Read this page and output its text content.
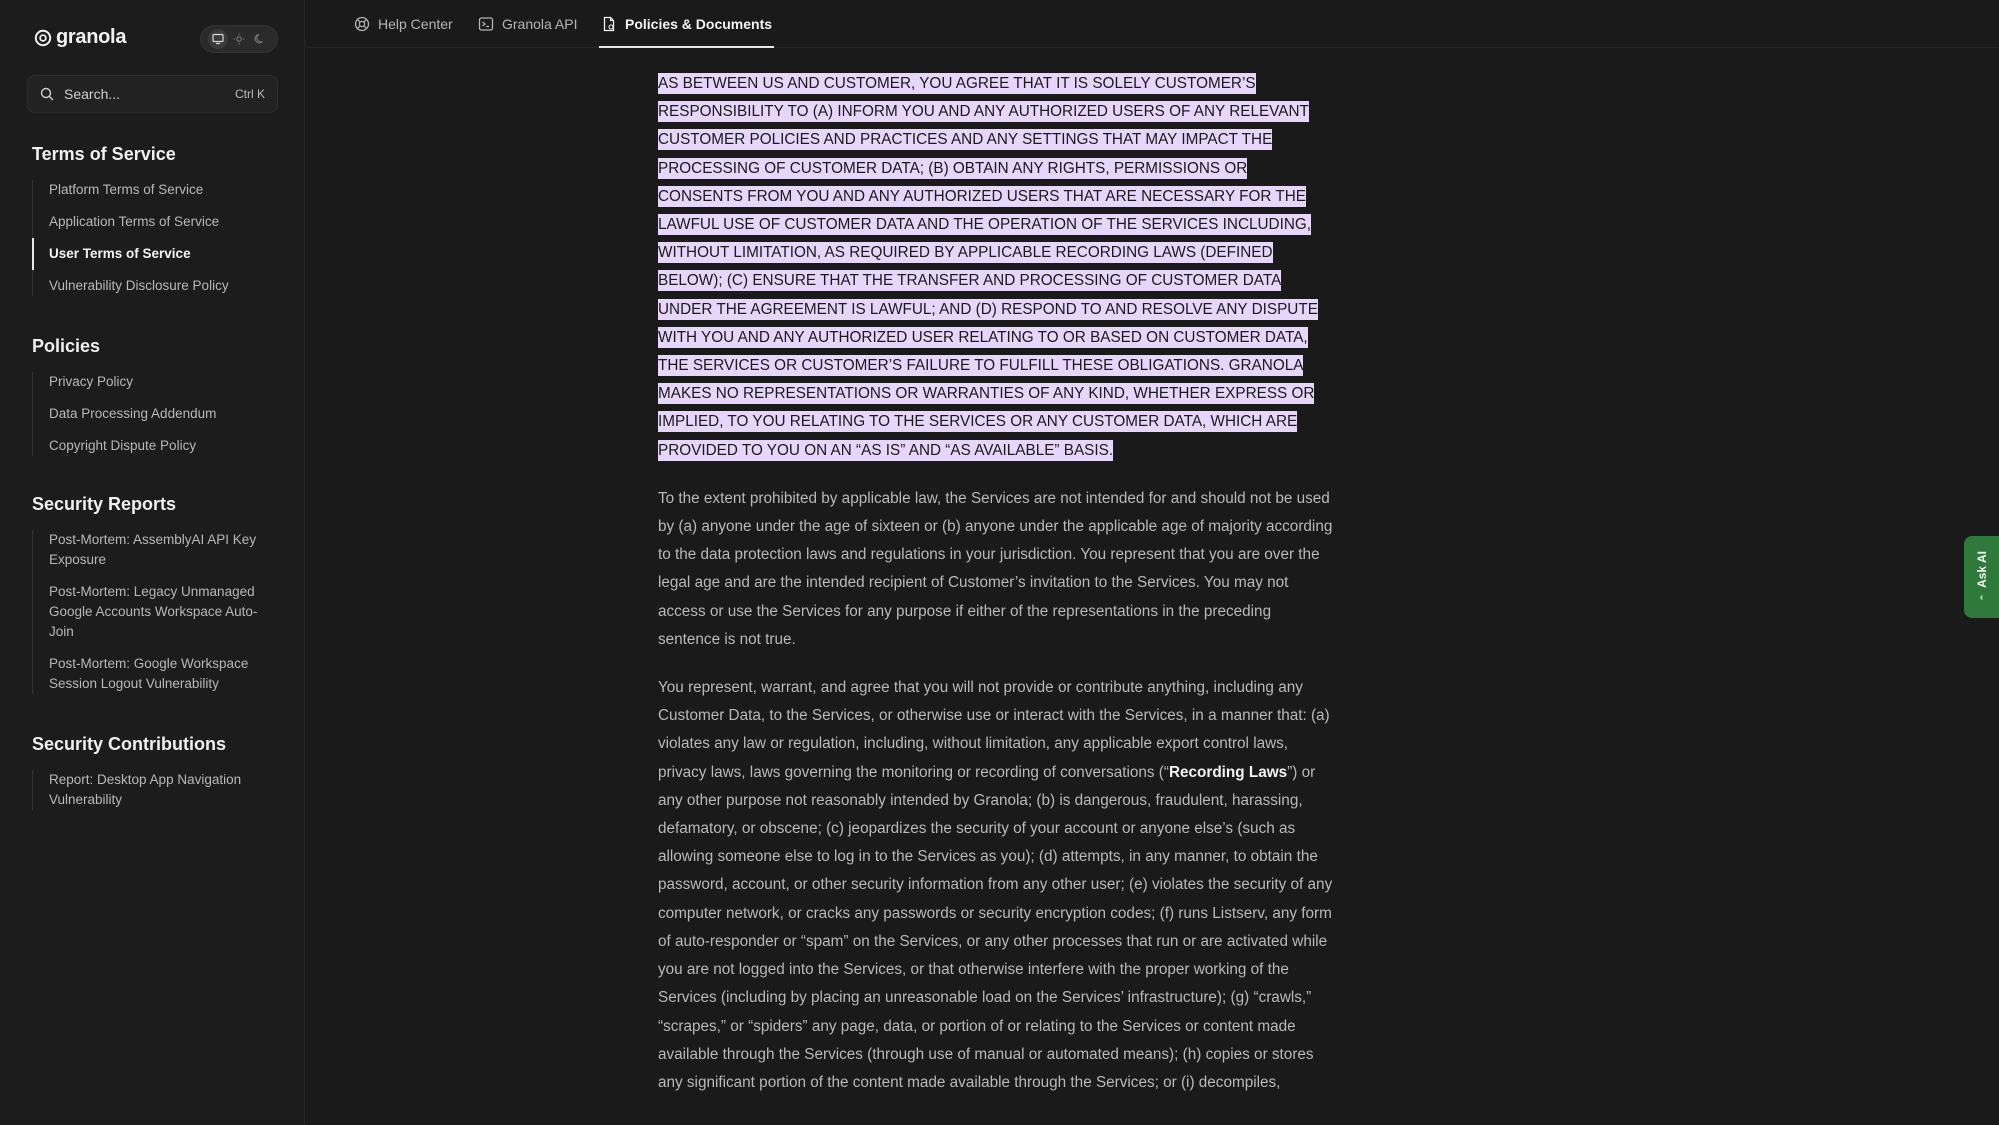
granola
Search...	Ctrl K
Terms of Service
Platform Terms of Service
Application Terms of Service
User Terms of Service
Vulnerability Disclosure Policy
Policies
Privacy Policy
Data Processing Addendum
Copyright Dispute Policy
Security Reports
Post-Mortem: AssemblyAI API Key Exposure
Post-Mortem: Legacy Unmanaged Google Accounts Workspace Auto-Join
Post-Mortem: Google Workspace Session Logout Vulnerability
Security Contributions
Report: Desktop App Navigation Vulnerability
Help Center	Granola API	Policies & Documents

AS BETWEEN US AND CUSTOMER, YOU AGREE THAT IT IS SOLELY CUSTOMER’S RESPONSIBILITY TO (A) INFORM YOU AND ANY AUTHORIZED USERS OF ANY RELEVANT CUSTOMER POLICIES AND PRACTICES AND ANY SETTINGS THAT MAY IMPACT THE PROCESSING OF CUSTOMER DATA; (B) OBTAIN ANY RIGHTS, PERMISSIONS OR CONSENTS FROM YOU AND ANY AUTHORIZED USERS THAT ARE NECESSARY FOR THE LAWFUL USE OF CUSTOMER DATA AND THE OPERATION OF THE SERVICES INCLUDING, WITHOUT LIMITATION, AS REQUIRED BY APPLICABLE RECORDING LAWS (DEFINED BELOW); (C) ENSURE THAT THE TRANSFER AND PROCESSING OF CUSTOMER DATA UNDER THE AGREEMENT IS LAWFUL; AND (D) RESPOND TO AND RESOLVE ANY DISPUTE WITH YOU AND ANY AUTHORIZED USER RELATING TO OR BASED ON CUSTOMER DATA, THE SERVICES OR CUSTOMER’S FAILURE TO FULFILL THESE OBLIGATIONS. GRANOLA MAKES NO REPRESENTATIONS OR WARRANTIES OF ANY KIND, WHETHER EXPRESS OR IMPLIED, TO YOU RELATING TO THE SERVICES OR ANY CUSTOMER DATA, WHICH ARE PROVIDED TO YOU ON AN “AS IS” AND “AS AVAILABLE” BASIS.

To the extent prohibited by applicable law, the Services are not intended for and should not be used by (a) anyone under the age of sixteen or (b) anyone under the applicable age of majority according to the data protection laws and regulations in your jurisdiction. You represent that you are over the legal age and are the intended recipient of Customer’s invitation to the Services. You may not access or use the Services for any purpose if either of the representations in the preceding sentence is not true.

You represent, warrant, and agree that you will not provide or contribute anything, including any Customer Data, to the Services, or otherwise use or interact with the Services, in a manner that: (a) violates any law or regulation, including, without limitation, any applicable export control laws, privacy laws, laws governing the monitoring or recording of conversations (“Recording Laws”) or any other purpose not reasonably intended by Granola; (b) is dangerous, fraudulent, harassing, defamatory, or obscene; (c) jeopardizes the security of your account or anyone else’s (such as allowing someone else to log in to the Services as you); (d) attempts, in any manner, to obtain the password, account, or other security information from any other user; (e) violates the security of any computer network, or cracks any passwords or security encryption codes; (f) runs Listserv, any form of auto-responder or “spam” on the Services, or any other processes that run or are activated while you are not logged into the Services, or that otherwise interfere with the proper working of the Services (including by placing an unreasonable load on the Services’ infrastructure); (g) “crawls,” “scrapes,” or “spiders” any page, data, or portion of or relating to the Services or content made available through the Services (through use of manual or automated means); (h) copies or stores any significant portion of the content made available through the Services; or (i) decompiles,

Ask AI
‹
